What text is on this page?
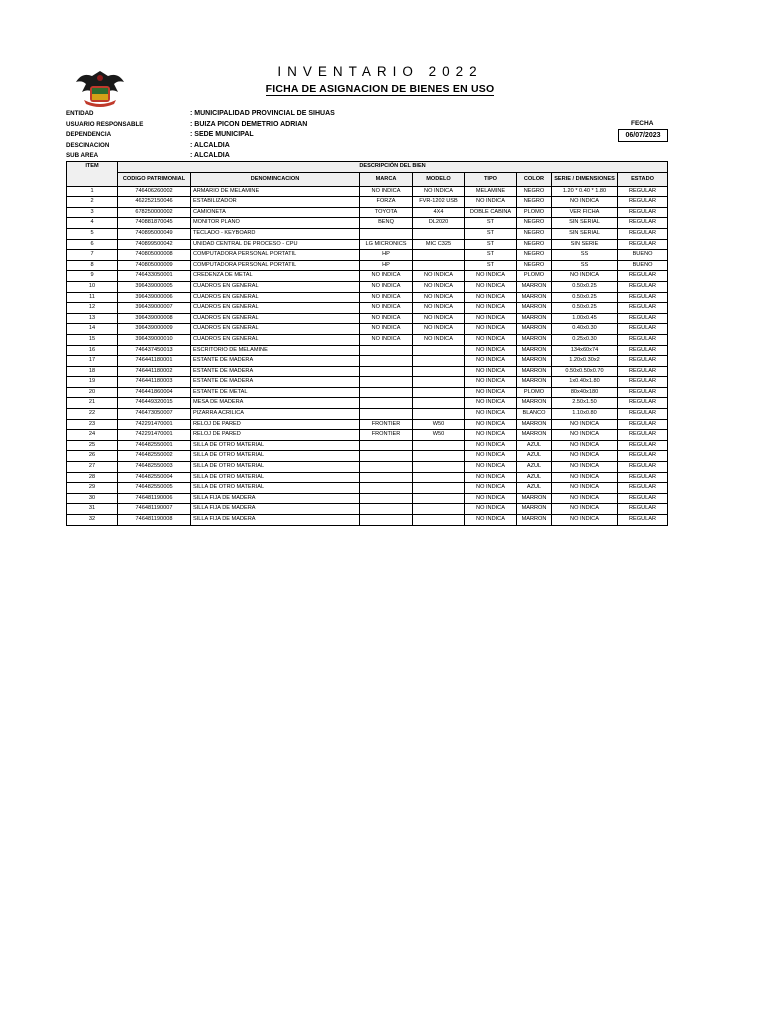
INVENTARIO 2022
FICHA DE ASIGNACION DE BIENES EN USO
ENTIDAD	: MUNICIPALIDAD PROVINCIAL DE SIHUAS
USUARIO RESPONSABLE	: BUIZA PICON DEMETRIO ADRIAN
DEPENDENCIA	: SEDE MUNICIPAL
DESCINACION	: ALCALDIA
SUB AREA	: ALCALDIA
FECHA
06/07/2023
ITEM	DESCRIPCIÓN DEL BIEN							
	CODIGO PATRIMONIAL	DENOMINCACION	MARCA	MODELO	TIPO	COLOR	SERIE / DIMENSIONES	ESTADO
1	746406260002	ARMARIO DE MELAMINE	NO INDICA	NO INDICA	MELAMINE	NEGRO	1.20 * 0.40 * 1.80	REGULAR
2	462252150046	ESTABILIZADOR	FORZA	FVR-1202 USB	NO INDICA	NEGRO	NO INDICA	REGULAR
3	678250000002	CAMIONETA	TOYOTA	4X4	DOBLE CABINA	PLOMO	VER FICHA	REGULAR
4	740881870045	MONITOR PLANO	BENQ	DL2020	ST	NEGRO	SIN SERIAL	REGULAR
5	740895000049	TECLADO - KEYBOARD			ST	NEGRO	SIN SERIAL	REGULAR
6	740899500042	UNIDAD CENTRAL DE PROCESO - CPU	LG MICRONICS	MIC C325	ST	NEGRO	SIN SERIE	REGULAR
7	740805000008	COMPUTADORA PERSONAL PORTATIL	HP		ST	NEGRO	SS	BUENO
8	740805000009	COMPUTADORA PERSONAL PORTATIL	HP		ST	NEGRO	SS	BUENO
9	746433050001	CREDENZA DE METAL	NO INDICA	NO INDICA	NO INDICA	PLOMO	NO INDICA	REGULAR
10	396439000005	CUADROS EN GENERAL	NO INDICA	NO INDICA	NO INDICA	MARRON	0.50x0.25	REGULAR
11	396439000006	CUADROS EN GENERAL	NO INDICA	NO INDICA	NO INDICA	MARRON	0.50x0.25	REGULAR
12	396439000007	CUADROS EN GENERAL	NO INDICA	NO INDICA	NO INDICA	MARRON	0.50x0.25	REGULAR
13	396439000008	CUADROS EN GENERAL	NO INDICA	NO INDICA	NO INDICA	MARRON	1.00x0.45	REGULAR
14	396439000009	CUADROS EN GENERAL	NO INDICA	NO INDICA	NO INDICA	MARRON	0.40x0.30	REGULAR
15	396439000010	CUADROS EN GENERAL	NO INDICA	NO INDICA	NO INDICA	MARRON	0.25x0.30	REGULAR
16	746437450013	ESCRITORIO DE MELAMINE			NO INDICA	MARRON	134x60x74	REGULAR
17	746441180001	ESTANTE DE MADERA			NO INDICA	MARRON	1.20x0.30x2	REGULAR
18	746441180002	ESTANTE DE MADERA			NO INDICA	MARRON	0.50x0.50x0.70	REGULAR
19	746441180003	ESTANTE DE MADERA			NO INDICA	MARRON	1x0.40x1.80	REGULAR
20	746441860004	ESTANTE DE METAL			NO INDICA	PLOMO	80x40x180	REGULAR
21	746449320015	MESA DE MADERA			NO INDICA	MARRON	2.50x1.50	REGULAR
22	746473050007	PIZARRA ACRILICA			NO INDICA	BLANCO	1.10x0.80	REGULAR
23	742291470001	RELOJ DE PARED	FRONTIER	W50	NO INDICA	MARRON	NO INDICA	REGULAR
24	742291470001	RELOJ DE PARED	FRONTIER	W50	NO INDICA	MARRON	NO INDICA	REGULAR
25	746482550001	SILLA DE OTRO MATERIAL			NO INDICA	AZUL	NO INDICA	REGULAR
26	746482550002	SILLA DE OTRO MATERIAL			NO INDICA	AZUL	NO INDICA	REGULAR
27	746482550003	SILLA DE OTRO MATERIAL			NO INDICA	AZUL	NO INDICA	REGULAR
28	746482550004	SILLA DE OTRO MATERIAL			NO INDICA	AZUL	NO INDICA	REGULAR
29	746482550005	SILLA DE OTRO MATERIAL			NO INDICA	AZUL	NO INDICA	REGULAR
30	746481190006	SILLA FIJA DE MADERA			NO INDICA	MARRON	NO INDICA	REGULAR
31	746481190007	SILLA FIJA DE MADERA			NO INDICA	MARRON	NO INDICA	REGULAR
32	746481190008	SILLA FIJA DE MADERA			NO INDICA	MARRON	NO INDICA	REGULAR
